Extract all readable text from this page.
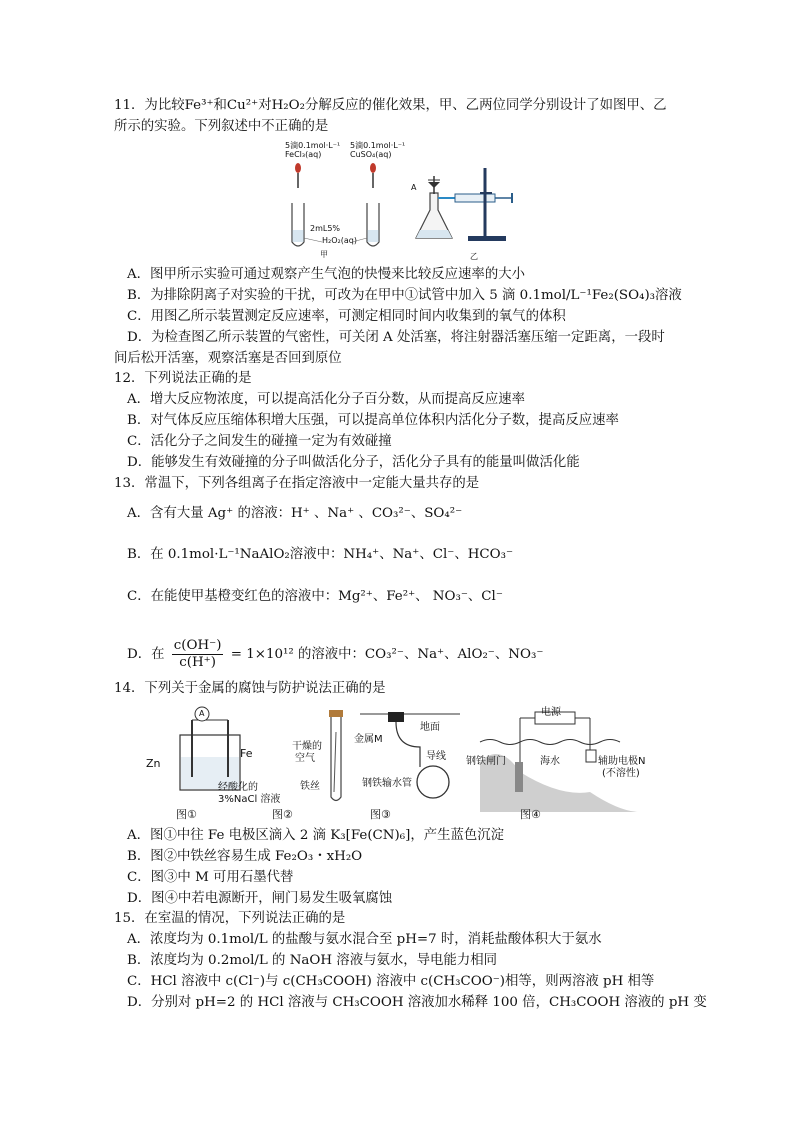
11．为比较Fe³⁺和Cu²⁺对H₂O₂分解反应的催化效果，甲、乙两位同学分别设计了如图甲、乙
所示的实验。下列叙述中不正确的是
5滴0.1mol·L⁻¹
FeCl₃(aq)
5滴0.1mol·L⁻¹
CuSO₄(aq)
2mL5%
H₂O₂(aq)
甲	乙
A
A．图甲所示实验可通过观察产生气泡的快慢来比较反应速率的大小
B．为排除阴离子对实验的干扰，可改为在甲中①试管中加入 5 滴 0.1mol/L⁻¹Fe₂(SO₄)₃溶液
C．用图乙所示装置测定反应速率，可测定相同时间内收集到的氧气的体积
D．为检查图乙所示装置的气密性，可关闭 A 处活塞，将注射器活塞压缩一定距离，一段时
间后松开活塞，观察活塞是否回到原位
12．下列说法正确的是
A．增大反应物浓度，可以提高活化分子百分数，从而提高反应速率
B．对气体反应压缩体积增大压强，可以提高单位体积内活化分子数，提高反应速率
C．活化分子之间发生的碰撞一定为有效碰撞
D．能够发生有效碰撞的分子叫做活化分子，活化分子具有的能量叫做活化能
13．常温下，下列各组离子在指定溶液中一定能大量共存的是
A．含有大量 Ag⁺ 的溶液：H⁺ 、Na⁺ 、CO₃²⁻、SO₄²⁻
B．在 0.1mol·L⁻¹NaAlO₂溶液中：NH₄⁺、Na⁺、Cl⁻、HCO₃⁻
C．在能使甲基橙变红色的溶液中：Mg²⁺、Fe²⁺、 NO₃⁻、Cl⁻
D．在 $\frac{c(OH^-)}{c(H^+)} = 1\times 10^{12}$ 的溶液中：CO₃²⁻、Na⁺、AlO₂⁻、NO₃⁻
14．下列关于金属的腐蚀与防护说法正确的是
Zn
Fe
A
经酸化的
3%NaCl 溶液
干燥的
空气
铁丝
地面
金属M
导线
钢铁输水管
电源
钢铁闸门	海水	辅助电极N
(不溶性)
图①	图②	图③	图④
A．图①中往 Fe 电极区滴入 2 滴 K₃[Fe(CN)₆]，产生蓝色沉淀
B．图②中铁丝容易生成 Fe₂O₃・xH₂O
C．图③中 M 可用石墨代替
D．图④中若电源断开，闸门易发生吸氧腐蚀
15．在室温的情况，下列说法正确的是
A．浓度均为 0.1mol/L 的盐酸与氨水混合至 pH=7 时，消耗盐酸体积大于氨水
B．浓度均为 0.2mol/L 的 NaOH 溶液与氨水，导电能力相同
C．HCl 溶液中 c(Cl⁻)与 c(CH₃COOH) 溶液中 c(CH₃COO⁻)相等，则两溶液 pH 相等
D．分别对 pH=2 的 HCl 溶液与 CH₃COOH 溶液加水稀释 100 倍，CH₃COOH 溶液的 pH 变
